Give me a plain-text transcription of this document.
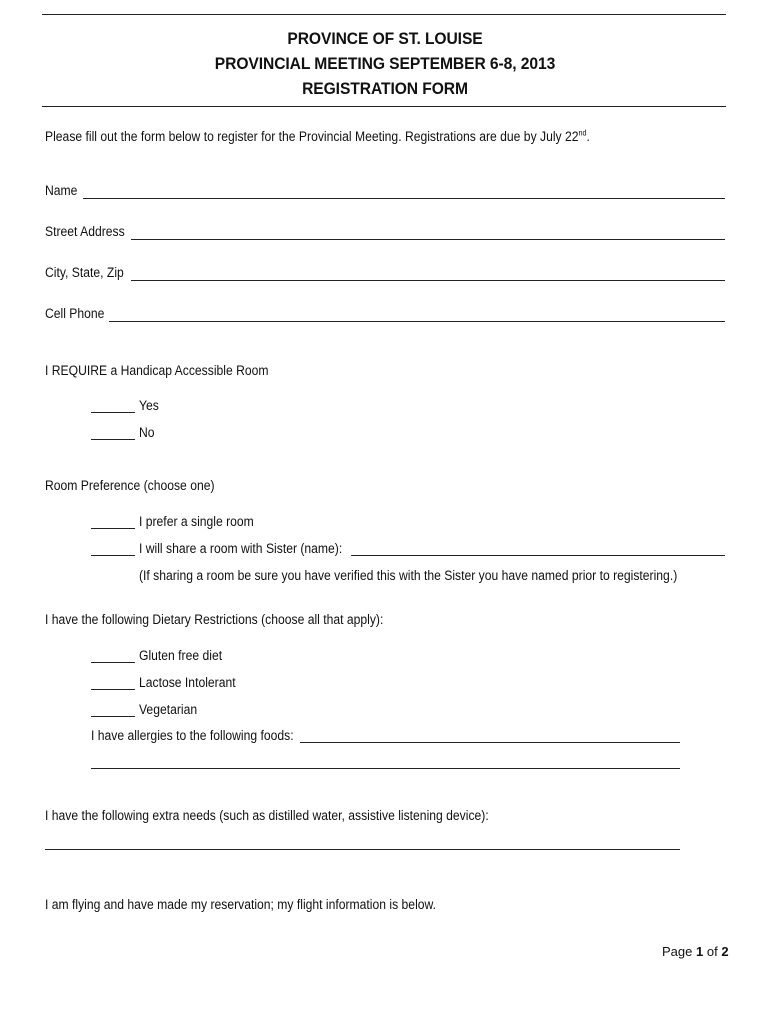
PROVINCE OF ST. LOUISE
PROVINCIAL MEETING SEPTEMBER 6-8, 2013
REGISTRATION FORM
Please fill out the form below to register for the Provincial Meeting. Registrations are due by July 22nd.
Name
Street Address
City, State, Zip
Cell Phone
I REQUIRE a Handicap Accessible Room
Yes
No
Room Preference (choose one)
I prefer a single room
I will share a room with Sister (name):
(If sharing a room be sure you have verified this with the Sister you have named prior to registering.)
I have the following Dietary Restrictions (choose all that apply):
Gluten free diet
Lactose Intolerant
Vegetarian
I have allergies to the following foods:
I have the following extra needs (such as distilled water, assistive listening device):
I am flying and have made my reservation; my flight information is below.
Page 1 of 2
